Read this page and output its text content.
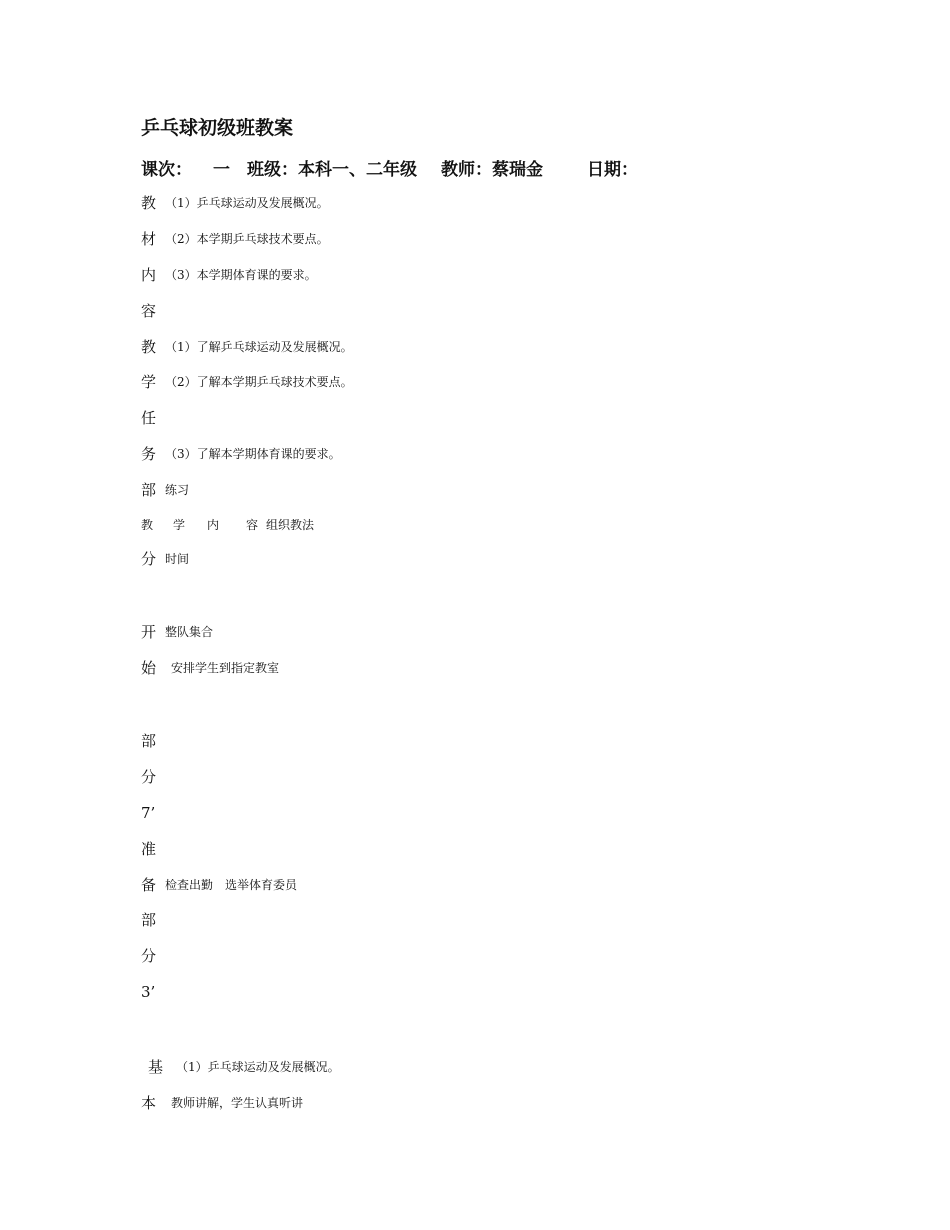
乒乓球初级班教案
课次： 一 班级：本科一、二年级 教师：蔡瑞金	日期：
教 （1）乒乓球运动及发展概况。
材 （2）本学期乒乓球技术要点。
内 （3）本学期体育课的要求。
容
教 （1）了解乒乓球运动及发展概况。
学 （2）了解本学期乒乓球技术要点。
任
务 （3）了解本学期体育课的要求。
部 练习
教 学 内 容 组织教法
分 时间
开 整队集合
始 安排学生到指定教室
部
分
7’
准
备 检查出勤　选举体育委员
部
分
3’
基 （1）乒乓球运动及发展概况。
本 教师讲解，学生认真听讲
